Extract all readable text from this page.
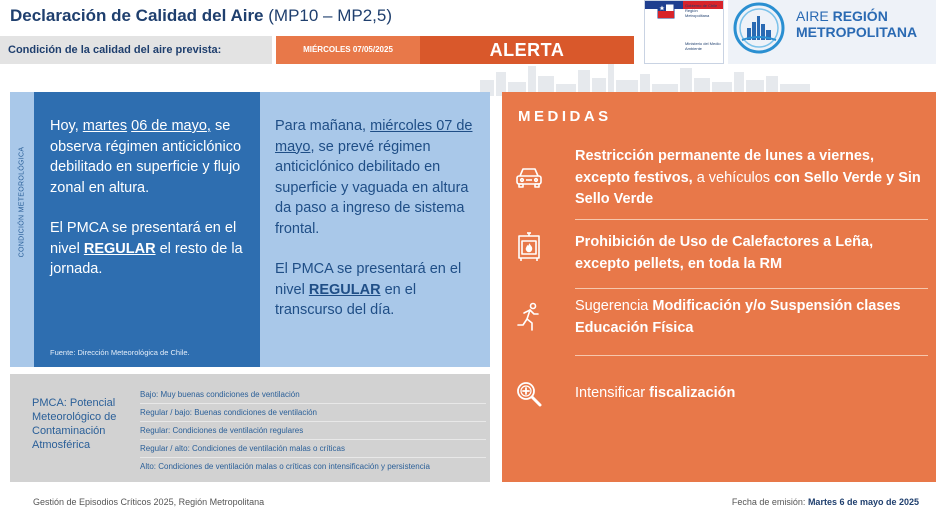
Declaración de Calidad del Aire (MP10 – MP2,5)
Condición de la calidad del aire prevista:	MIÉRCOLES 07/05/2025	ALERTA
Gobierno de Chile · Región Metropolitana
Ministerio del Medio Ambiente
AIRE REGIÓN
METROPOLITANA
CONDICIÓN METEOROLÓGICA

Hoy, martes 06 de mayo, se observa régimen anticiclónico debilitado en superficie y flujo zonal en altura.

El PMCA se presentará en el nivel REGULAR el resto de la jornada.

Fuente: Dirección Meteorológica de Chile.

Para mañana, miércoles 07 de mayo, se prevé régimen anticiclónico debilitado en superficie y vaguada en altura da paso a ingreso de sistema frontal.

El PMCA se presentará en el nivel REGULAR en el transcurso del día.

PMCA: Potencial Meteorológico de Contaminación Atmosférica
Bajo: Muy buenas condiciones de ventilación
Regular / bajo: Buenas condiciones de ventilación
Regular: Condiciones de ventilación regulares
Regular / alto: Condiciones de ventilación malas o críticas
Alto: Condiciones de ventilación malas o críticas con intensificación y persistencia
MEDIDAS
Restricción permanente de lunes a viernes, excepto festivos, a vehículos con Sello Verde y Sin Sello Verde
Prohibición de Uso de Calefactores a Leña, excepto pellets, en toda la RM
Sugerencia Modificación y/o Suspensión clases Educación Física
Intensificar fiscalización
Gestión de Episodios Críticos 2025, Región Metropolitana	Fecha de emisión: Martes 6 de mayo de 2025
